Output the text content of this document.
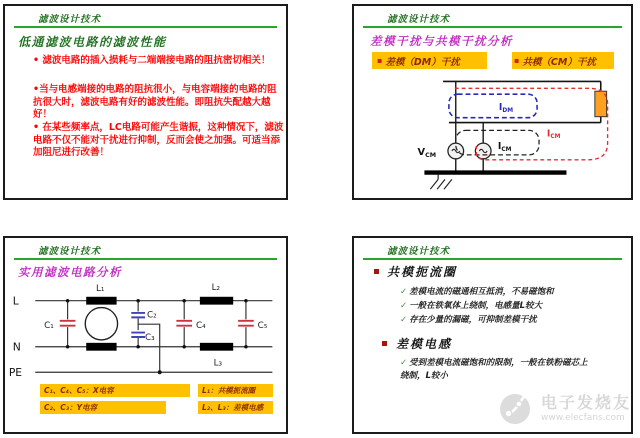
滤波设计技术
低通滤波电路的滤波性能

• 滤波电路的插入损耗与二端端接电路的阻抗密切相关！

•当与电感端接的电路的阻抗很小，与电容端接的电路的阻抗很大时，滤波电路有好的滤波性能。即阻抗失配越大越好！

• 在某些频率点，LC电路可能产生谐振，这种情况下，滤波电路不仅不能对干扰进行抑制，反而会使之加强。可适当添加阻尼进行改善！

滤波设计技术
差模干扰与共模干扰分析
▪ 差模（DM）干扰	▪ 共模（CM）干扰
$V_{CM}$
$I_{DM}$
$I_{CM}$
$I_{CM}$
滤波设计技术
实用滤波电路分析
L
N
PE
C₁
L₁
C₂
C₃
C₄
L₂
L₃
C₅
C₁、C₄、C₅：X电容
C₂、C₃：Y电容
L₁：共模扼流圈
L₂、L₃：差模电感
滤波设计技术
共模扼流圈
✓ 差模电流的磁通相互抵消，不易磁饱和
✓ 一般在铁氧体上绕制，电感量L较大
✓ 存在少量的漏磁，可抑制差模干扰
差模电感
✓ 受到差模电流磁饱和的限制，一般在铁粉磁芯上绕制，L较小
电子发烧友
www.elecfans.com
